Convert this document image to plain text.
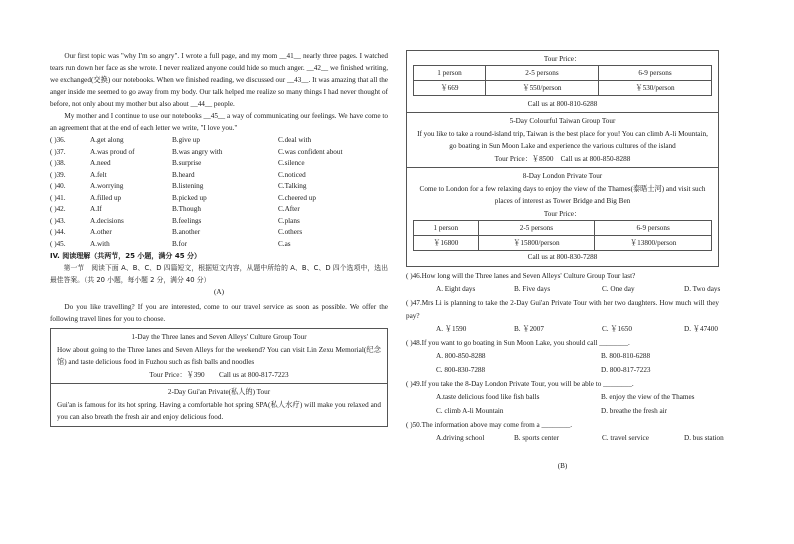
Our first topic was "why I'm so angry". I wrote a full page, and my mom __41__ nearly three pages. I watched tears run down her face as she wrote. I never realized anyone could hide so much anger. __42__ we finished writing, we exchanged(交换) our notebooks. When we finished reading, we discussed our __43__. It was amazing that all the anger inside me seemed to go away from my body. Our talk helped me realize so many things I had never thought of before, not only about my mother but also about __44__ people.

My mother and I continue to use our notebooks __45__ a way of communicating our feelings. We have come to an agreement that at the end of each letter we write, "I love you."

( )36.	A.get along	B.give up	C.deal with
( )37.	A.was proud of	B.was angry with	C.was confident about
( )38.	A.need	B.surprise	C.silence
( )39.	A.felt	B.heard	C.noticed
( )40.	A.worrying	B.listening	C.Talking
( )41.	A.filled up	B.picked up	C.cheered up
( )42.	A.If	B.Though	C.After
( )43.	A.decisions	B.feelings	C.plans
( )44.	A.other	B.another	C.others
( )45.	A.with	B.for	C.as
IV. 阅读理解（共两节，25 小题，满分 45 分）

第一节　阅读下面 A、B、C、D 四篇短文，根据短文内容，从题中所给的 A、B、C、D 四个选项中，选出最佳答案。（共 20 小题，每小题 2 分，满分 40 分）

(A)

Do you like travelling? If you are interested, come to our travel service as soon as possible. We offer the following travel lines for you to choose.

1-Day the Three lanes and Seven Alleys' Culture Group Tour
How about going to the Three lanes and Seven Alleys for the weekend? You can visit Lin Zexu Memorial(纪念馆) and taste delicious food in Fuzhou such as fish balls and noodles
Tour Price：￥390　　Call us at 800-817-7223
2-Day Gui'an Private(私人的) Tour
Gui'an is famous for its hot spring. Having a comfortable hot spring SPA(私人水疗) will make you relaxed and you can also breath the fresh air and enjoy delicious food.
Tour Price：
1 person	2-5 persons	6-9 persons
￥669	￥550/person	￥530/person
Call us at 800-810-6288
5-Day Colourful Taiwan Group Tour
If you like to take a round-island trip, Taiwan is the best place for you! You can climb A-li Mountain, go boating in Sun Moon Lake and experience the various cultures of the island
Tour Price：￥8500　Call us at 800-850-8288
8-Day London Private Tour
Come to London for a few relaxing days to enjoy the view of the Thames(泰晤士河) and visit such places of interest as Tower Bridge and Big Ben
Tour Price：
1 person	2-5 persons	6-9 persons
￥16800	￥15800/person	￥13800/person
Call us at 800-830-7288
( )46.How long will the Three lanes and Seven Alleys' Culture Group Tour last?
A. Eight days	B. Five days	C. One day	D. Two days
( )47.Mrs Li is planning to take the 2-Day Gui'an Private Tour with her two daughters. How much will they pay?
A. ￥1590	B. ￥2007	C. ￥1650	D. ￥47400
( )48.If you want to go boating in Sun Moon Lake, you should call ________.
A. 800-850-8288	B. 800-810-6288
C. 800-830-7288	D. 800-817-7223
( )49.If you take the 8-Day London Private Tour, you will be able to ________.
A.taste delicious food like fish balls	B. enjoy the view of the Thames
C. climb A-li Mountain	D. breathe the fresh air
( )50.The information above may come from a ________.
A.driving school	B. sports center	C. travel service	D. bus station
(B)
